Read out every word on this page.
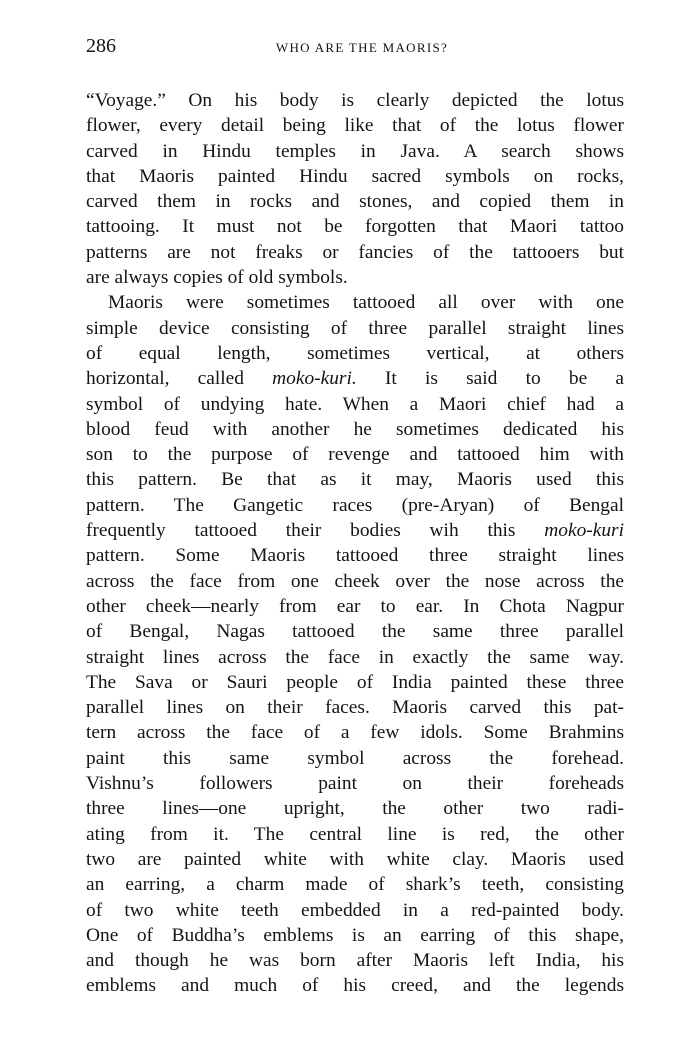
286	WHO ARE THE MAORIS?
“Voyage.” On his body is clearly depicted the lotus
flower, every detail being like that of the lotus flower
carved in Hindu temples in Java. A search shows
that Maoris painted Hindu sacred symbols on rocks,
carved them in rocks and stones, and copied them in
tattooing. It must not be forgotten that Maori tattoo
patterns are not freaks or fancies of the tattooers but
are always copies of old symbols.
Maoris were sometimes tattooed all over with one
simple device consisting of three parallel straight lines
of equal length, sometimes vertical, at others
horizontal, called moko-kuri. It is said to be a
symbol of undying hate. When a Maori chief had a
blood feud with another he sometimes dedicated his
son to the purpose of revenge and tattooed him with
this pattern. Be that as it may, Maoris used this
pattern. The Gangetic races (pre-Aryan) of Bengal
frequently tattooed their bodies wih this moko-kuri
pattern. Some Maoris tattooed three straight lines
across the face from one cheek over the nose across the
other cheek—nearly from ear to ear. In Chota Nagpur
of Bengal, Nagas tattooed the same three parallel
straight lines across the face in exactly the same way.
The Sava or Sauri people of India painted these three
parallel lines on their faces. Maoris carved this pat-
tern across the face of a few idols. Some Brahmins
paint this same symbol across the forehead.
Vishnu’s followers paint on their foreheads
three lines—one upright, the other two radi-
ating from it. The central line is red, the other
two are painted white with white clay. Maoris used
an earring, a charm made of shark’s teeth, consisting
of two white teeth embedded in a red-painted body.
One of Buddha’s emblems is an earring of this shape,
and though he was born after Maoris left India, his
emblems and much of his creed, and the legends
